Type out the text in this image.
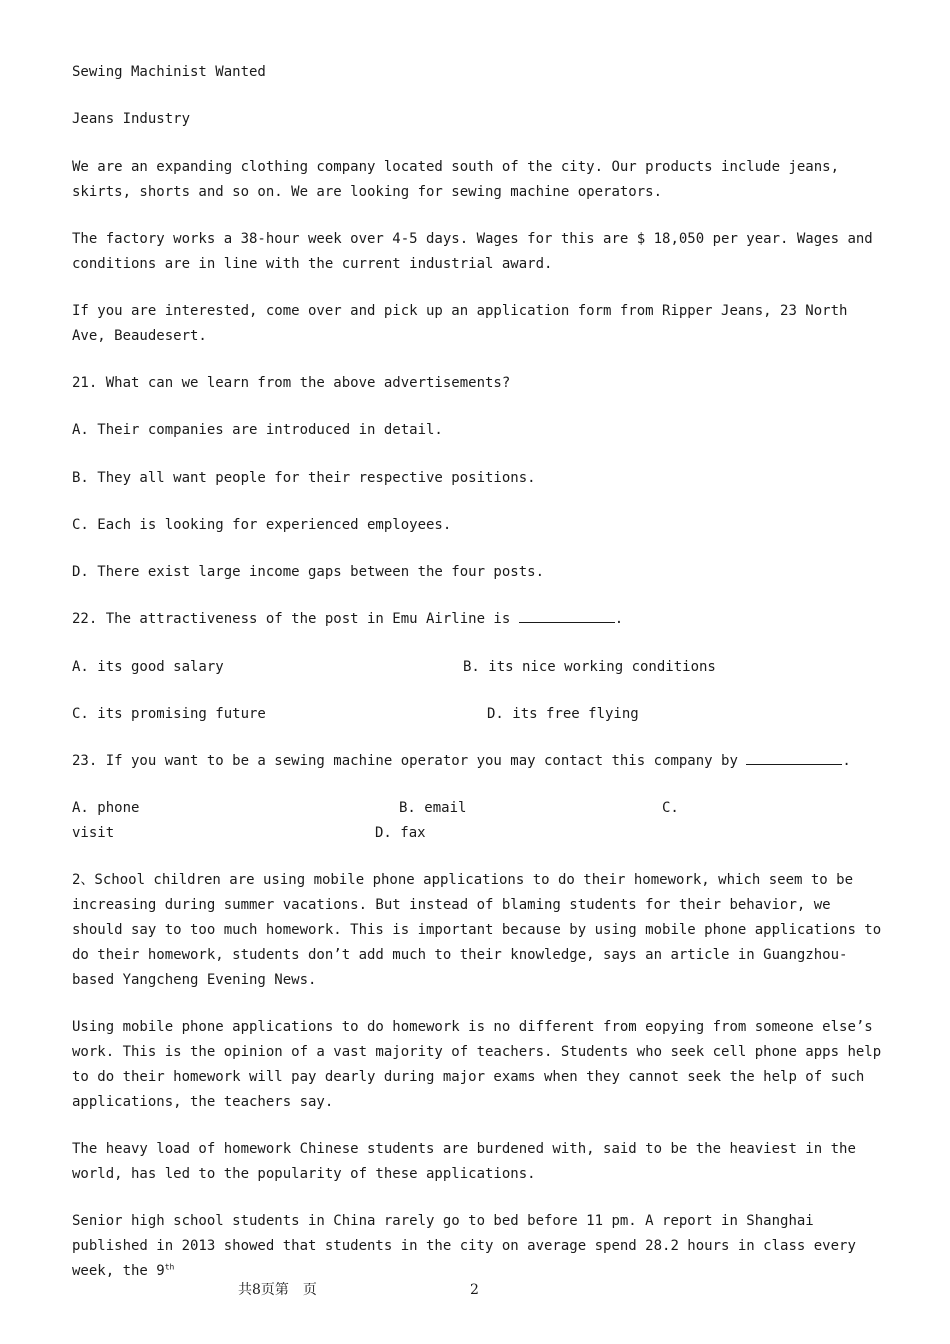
Sewing Machinist Wanted

Jeans Industry

We are an expanding clothing company located south of the city. Our products include jeans, skirts, shorts and so on. We are looking for sewing machine operators.

The factory works a 38-hour week over 4-5 days. Wages for this are $ 18,050 per year. Wages and conditions are in line with the current industrial award.

If you are interested, come over and pick up an application form from Ripper Jeans, 23 North Ave, Beaudesert.

21. What can we learn from the above advertisements?

A. Their companies are introduced in detail.

B. They all want people for their respective positions.

C. Each is looking for experienced employees.

D. There exist large income gaps between the four posts.

22. The attractiveness of the post in Emu Airline is	.

A. its good salary	B. its nice working conditions

C. its promising future	D. its free flying

23. If you want to be a sewing machine operator you may contact this company by	.

A. phone	B. email	C.

visit	D. fax

2、School children are using mobile phone applications to do their homework, which seem to be increasing during summer vacations. But instead of blaming students for their behavior, we should say to too much homework. This is important because by using mobile phone applications to do their homework, students don’t add much to their knowledge, says an article in Guangzhou-based Yangcheng Evening News.

Using mobile phone applications to do homework is no different from eopying from someone else’s work. This is the opinion of a vast majority of teachers. Students who seek cell phone apps help to do their homework will pay dearly during major exams when they cannot seek the help of such applications, the teachers say.

The heavy load of homework Chinese students are burdened with, said to be the heaviest in the world, has led to the popularity of these applications.

Senior high school students in China rarely go to bed before 11 pm. A report in Shanghai published in 2013 showed that students in the city on average spend 28.2 hours in class every week, the 9th

共8页第　页	2
